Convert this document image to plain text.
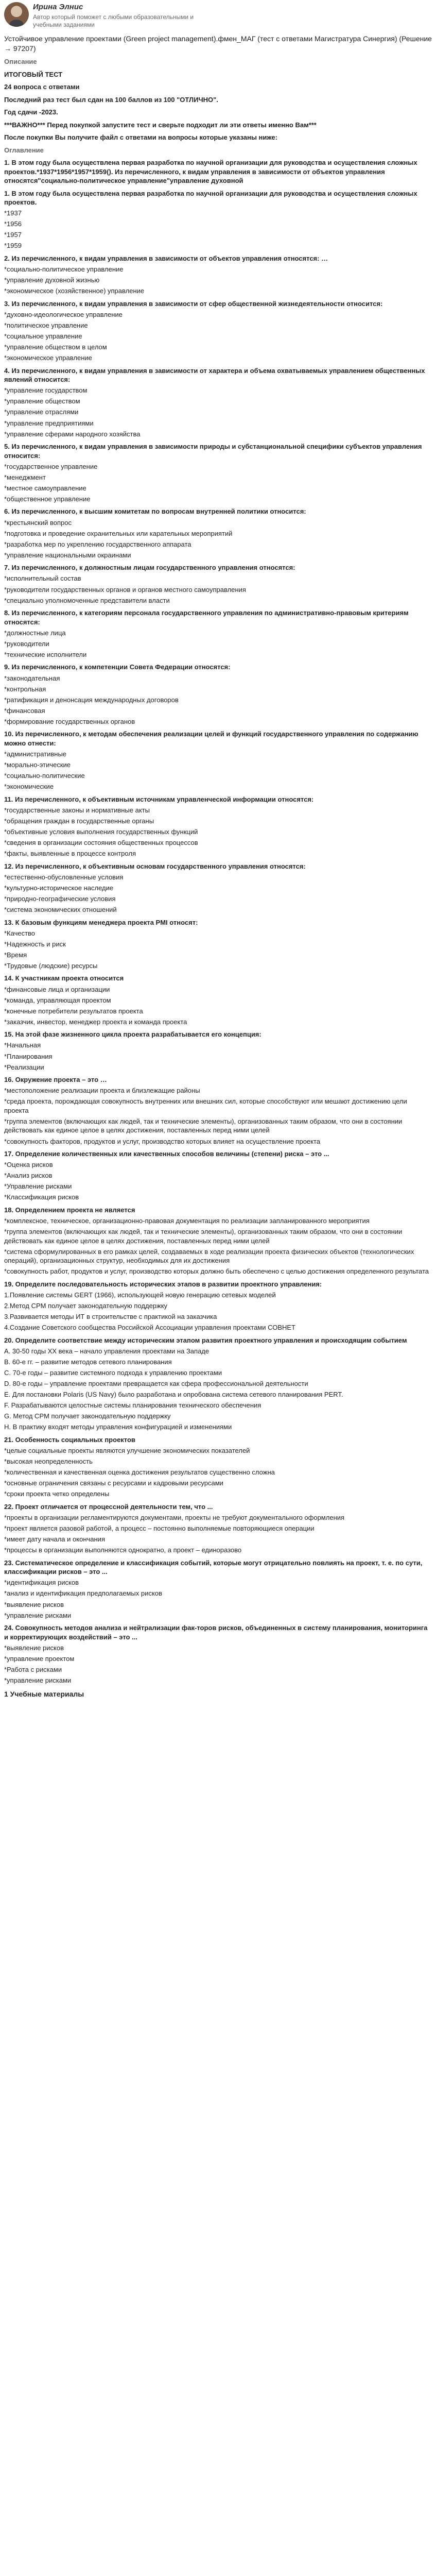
Ирина Элнис
Автор который поможет с любыми образовательными и учебными заданиями
Устойчивое управление проектами (Green project management).фмен_МАГ (тест с ответами Магистратура Синергия) (Решение → 97207)

Описание

ИТОГОВЫЙ ТЕСТ

24 вопроса с ответами

Последний раз тест был сдан на 100 баллов из 100 "ОТЛИЧНО".

Год сдачи -2023.

***ВАЖНО*** Перед покупкой запустите тест и сверьте подходит ли эти ответы именно Вам***

После покупки Вы получите файл с ответами на вопросы которые указаны ниже:

Оглавление

1. В этом году была осуществлена первая разработка по научной организации для руководства и осуществления сложных проектов.*1937*1956*1957*1959(). Из перечисленного, к видам управления в зависимости от объектов управления относятся"социально-политическое управление"управление духовной
1. В этом году была осуществлена первая разработка по научной организации для руководства и осуществления сложных проектов.
*1937
*1956
*1957
*1959
2. Из перечисленного, к видам управления в зависимости от объектов управления относятся: …
*социально-политическое управление
*управление духовной жизнью
*экономическое (хозяйственное) управление
3. Из перечисленного, к видам управления в зависимости от сфер общественной жизнедеятельности относится:
*духовно-идеологическое управление
*политическое управление
*социальное управление
*управление обществом в целом
*экономическое управление
4. Из перечисленного, к видам управления в зависимости от характера и объема охватываемых управлением общественных явлений относится:
*управление государством
*управление обществом
*управление отраслями
*управление предприятиями
*управление сферами народного хозяйства
5. Из перечисленного, к видам управления в зависимости природы и субстанциональной специфики субъектов управления относится:
*государственное управление
*менеджмент
*местное самоуправление
*общественное управление
6. Из перечисленного, к высшим комитетам по вопросам внутренней политики относится:
*крестьянский вопрос
*подготовка и проведение охранительных или карательных мероприятий
*разработка мер по укреплению государственного аппарата
*управление национальными окраинами
7. Из перечисленного, к должностным лицам государственного управления относятся:
*исполнительный состав
*руководители государственных органов и органов местного самоуправления
*специально уполномоченные представители власти
8. Из перечисленного, к категориям персонала государственного управления по административно-правовым критериям относятся:
*должностные лица
*руководители
*технические исполнители
9. Из перечисленного, к компетенции Совета Федерации относятся:
*законодательная
*контрольная
*ратификация и денонсация международных договоров
*финансовая
*формирование государственных органов
10. Из перечисленного, к методам обеспечения реализации целей и функций государственного управления по содержанию можно отнести:
*административные
*морально-этические
*социально-политические
*экономические
11. Из перечисленного, к объективным источникам управленческой информации относятся:
*государственные законы и нормативные акты
*обращения граждан в государственные органы
*объективные условия выполнения государственных функций
*сведения в организации состояния общественных процессов
*факты, выявленные в процессе контроля
12. Из перечисленного, к объективным основам государственного управления относятся:
*естественно-обусловленные условия
*культурно-историческое наследие
*природно-географические условия
*система экономических отношений
13. К базовым функциям менеджера проекта PMI относят:
*Качество
*Надежность и риск
*Время
*Трудовые (людские) ресурсы
14. К участникам проекта относится
*финансовые лица и организации
*команда, управляющая проектом
*конечные потребители результатов проекта
*заказчик, инвестор, менеджер проекта и команда проекта
15. На этой фазе жизненного цикла проекта разрабатывается его концепция:
*Начальная
*Планирования
*Реализации
16. Окружение проекта – это …
*местоположение реализации проекта и близлежащие районы
*среда проекта, порождающая совокупность внутренних или внешних сил, которые способствуют или мешают достижению цели проекта
*группа элементов (включающих как людей, так и технические элементы), организованных таким образом, что они в состоянии действовать как единое целое в целях достижения, поставленных перед ними целей
*совокупность факторов, продуктов и услуг, производство которых влияет на осуществление проекта
17. Определение количественных или качественных способов величины (степени) риска – это ...
*Оценка рисков
*Анализ рисков
*Управление рисками
*Классификация рисков
18. Определением проекта не является
*комплексное, техническое, организационно-правовая документация по реализации запланированного мероприятия
*группа элементов (включающих как людей, так и технические элементы), организованных таким образом, что они в состоянии действовать как единое целое в целях достижения, поставленных перед ними целей
*система сформулированных в его рамках целей, создаваемых в ходе реализации проекта физических объектов (технологических операций), организационных структур, необходимых для их достижения
*совокупность работ, продуктов и услуг, производство которых должно быть обеспечено с целью достижения определенного результата
19. Определите последовательность исторических этапов в развитии проектного управления:
1.Появление системы GERT (1966), использующей новую генерацию сетевых моделей
2.Метод CPM получает законодательную поддержку
3.Развивается методы ИТ в строительстве с практикой на заказчика
4.Создание Советского сообщества Российской Ассоциации управления проектами СОВНЕТ
20. Определите соответствие между историческим этапом развития проектного управления и происходящим событием
A. 30-50 годы XX века – начало управления проектами на Западе
B. 60-е гг. – развитие методов сетевого планирования
C. 70-е годы – развитие системного подхода к управлению проектами
D. 80-е годы – управление проектами превращается как сфера профессиональной деятельности
E. Для постановки Polaris (US Navy) было разработана и опробована система сетевого планирования PERT.
F. Разрабатываются целостные системы планирования технического обеспечения
G. Метод CPM получает законодательную поддержку
H. В практику входят методы управления конфигурацией и изменениями
21. Особенность социальных проектов
*целые социальные проекты являются улучшение экономических показателей
*высокая неопределенность
*количественная и качественная оценка достижения результатов существенно сложна
*основные ограничения связаны с ресурсами и кадровыми ресурсами
*сроки проекта четко определены
22. Проект отличается от процессной деятельности тем, что ...
*проекты в организации регламентируются документами, проекты не требуют документального оформления
*проект является разовой работой, а процесс – постоянно выполняемые повторяющиеся операции
*имеет дату начала и окончания
*процессы в организации выполняются однократно, а проект – единоразово
23. Систематическое определение и классификация событий, которые могут отрицательно повлиять на проект, т. е. по сути, классификации рисков – это ...
*идентификация рисков
*анализ и идентификация предполагаемых рисков
*выявление рисков
*управление рисками
24. Совокупность методов анализа и нейтрализации фак-торов рисков, объединенных в систему планирования, мониторинга и корректирующих воздействий – это ...
*выявление рисков
*управление проектом
*Работа с рисками
*управление рисками
1 Учебные материалы
